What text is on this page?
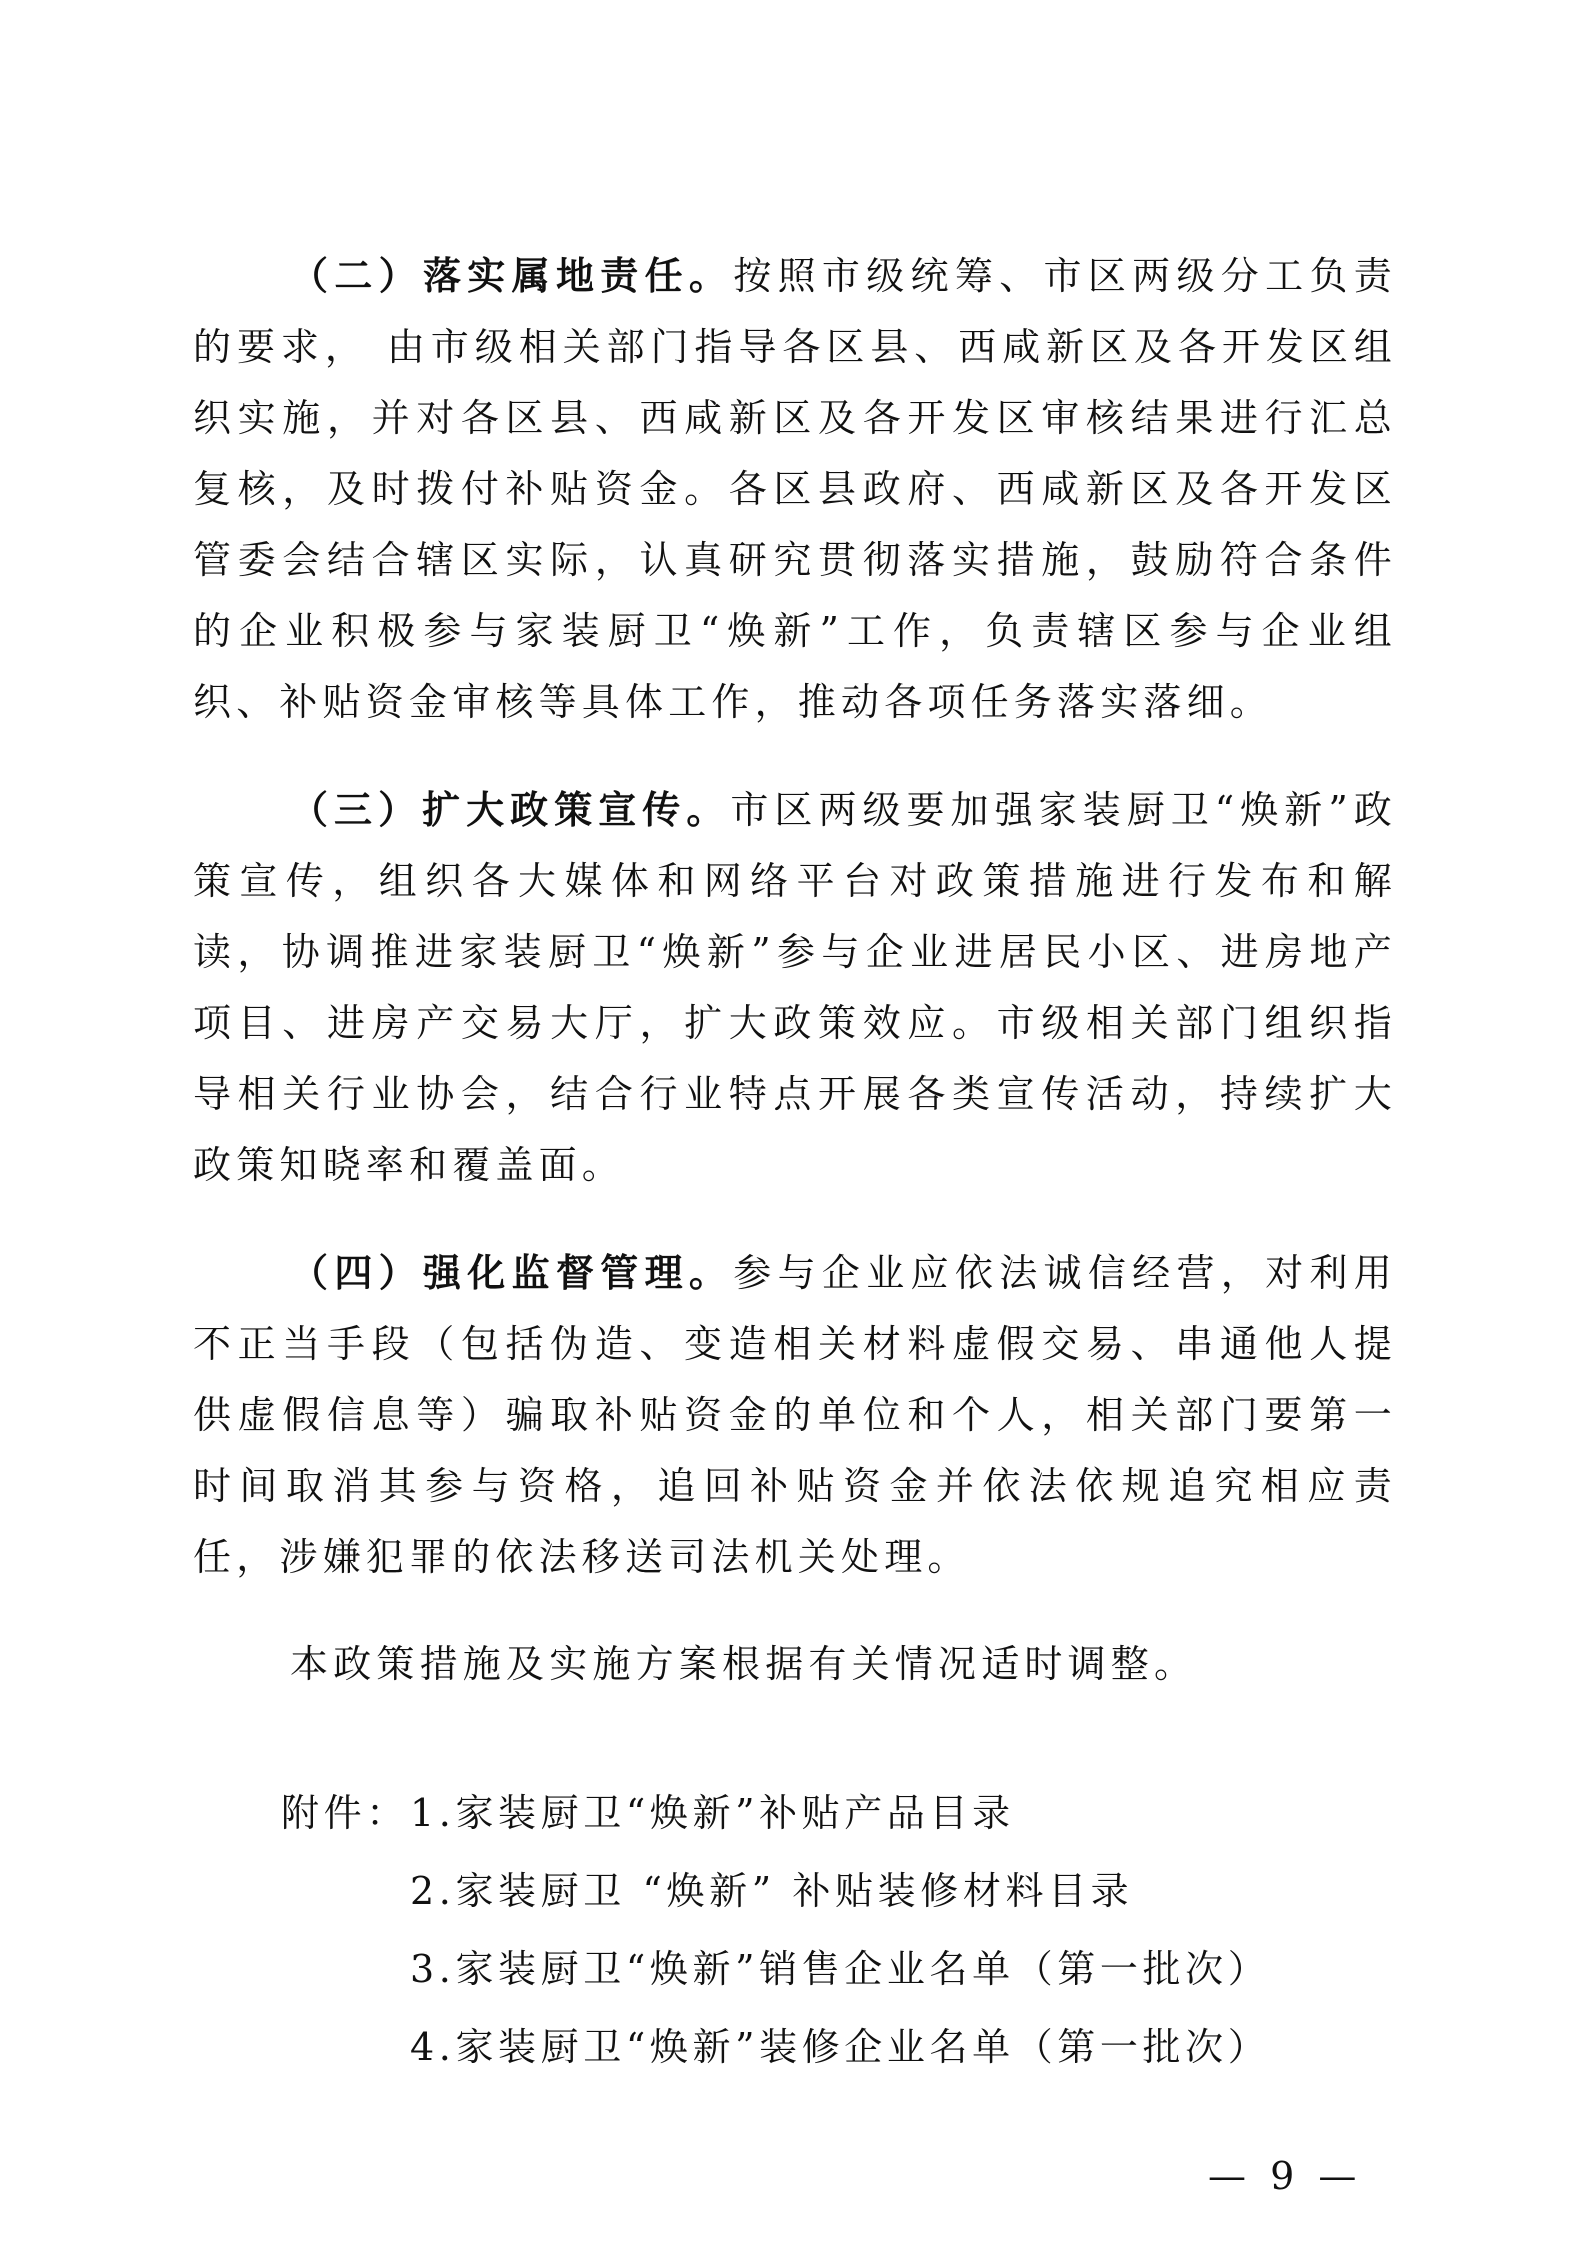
（二）落实属地责任。按照市级统筹、市区两级分工负责的要求， 由市级相关部门指导各区县、西咸新区及各开发区组织实施，并对各区县、西咸新区及各开发区审核结果进行汇总复核，及时拨付补贴资金。各区县政府、西咸新区及各开发区管委会结合辖区实际，认真研究贯彻落实措施，鼓励符合条件的企业积极参与家装厨卫“焕新”工作，负责辖区参与企业组织、补贴资金审核等具体工作，推动各项任务落实落细。

（三）扩大政策宣传。市区两级要加强家装厨卫“焕新”政策宣传，组织各大媒体和网络平台对政策措施进行发布和解读，协调推进家装厨卫“焕新”参与企业进居民小区、进房地产项目、进房产交易大厅，扩大政策效应。市级相关部门组织指导相关行业协会，结合行业特点开展各类宣传活动，持续扩大政策知晓率和覆盖面。

（四）强化监督管理。参与企业应依法诚信经营，对利用不正当手段（包括伪造、变造相关材料虚假交易、串通他人提供虚假信息等）骗取补贴资金的单位和个人，相关部门要第一时间取消其参与资格，追回补贴资金并依法依规追究相应责任，涉嫌犯罪的依法移送司法机关处理。

本政策措施及实施方案根据有关情况适时调整。

附件： 1.家装厨卫“焕新”补贴产品目录
2.家装厨卫 “焕新” 补贴装修材料目录
3.家装厨卫“焕新”销售企业名单（第一批次）
4.家装厨卫“焕新”装修企业名单（第一批次）
— 9 —
